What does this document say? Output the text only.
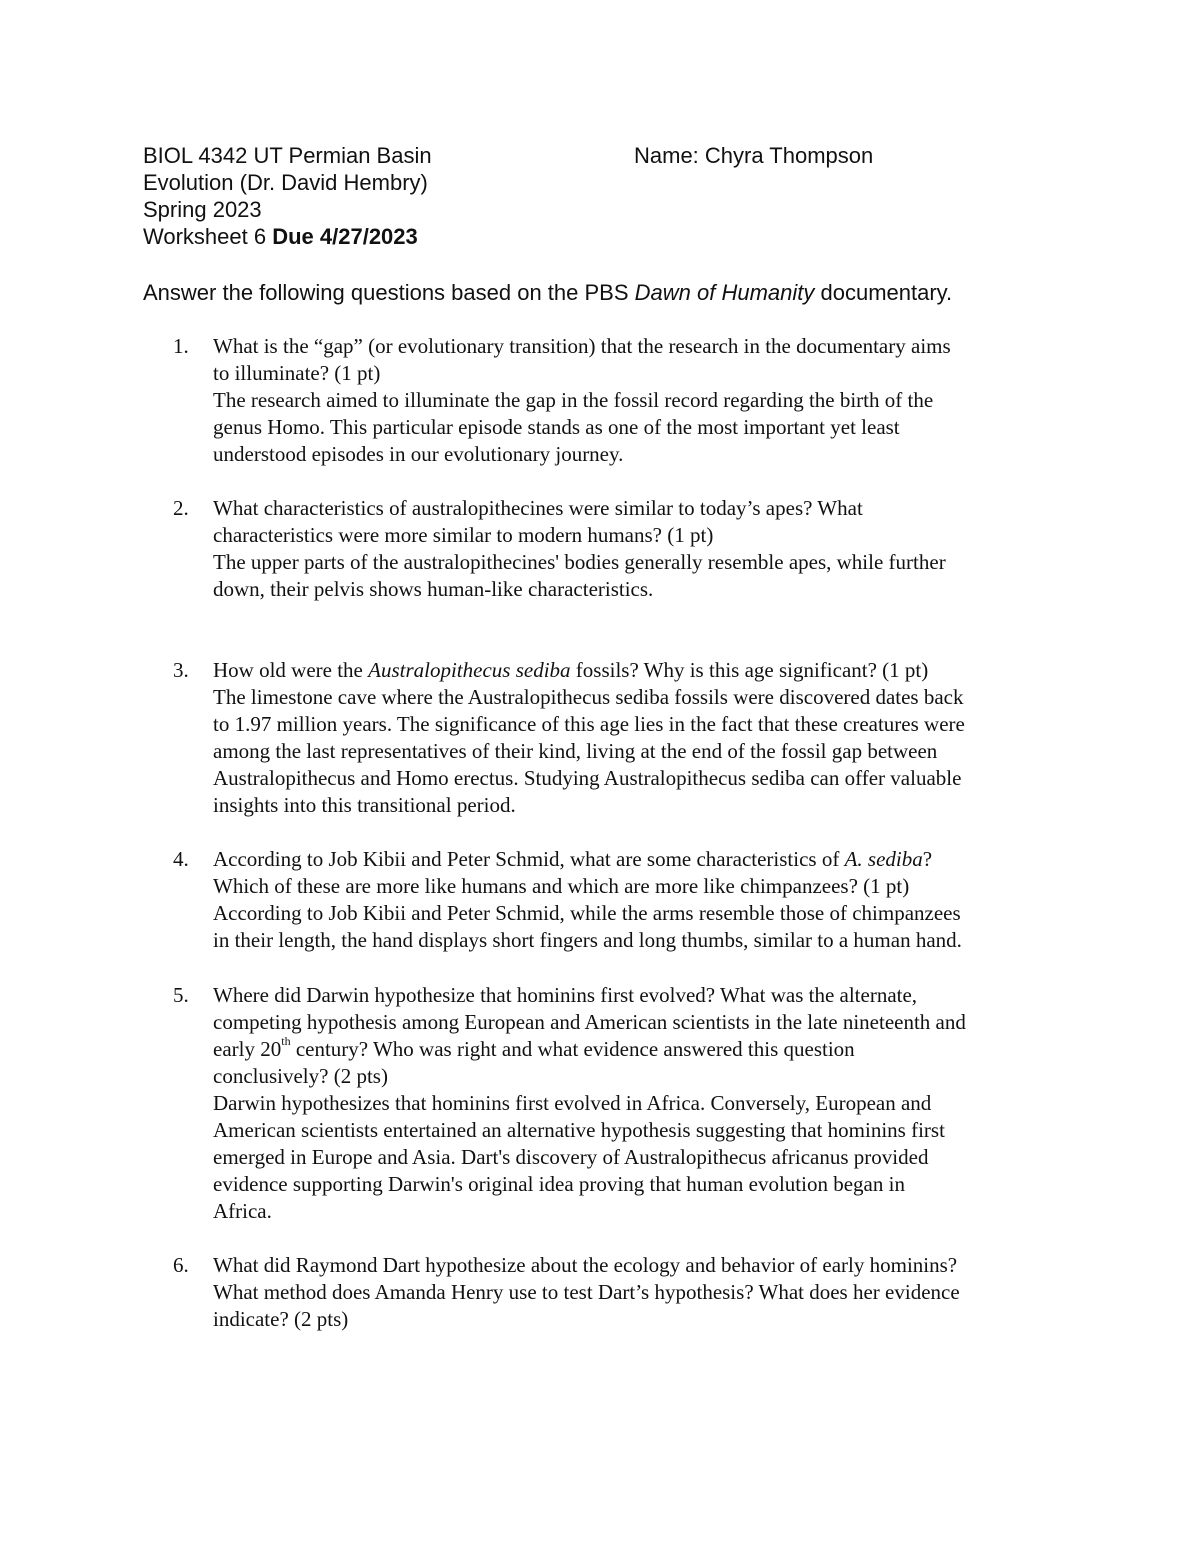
BIOL 4342 UT Permian Basin	Name: Chyra Thompson
Evolution (Dr. David Hembry)
Spring 2023
Worksheet 6 Due 4/27/2023
Answer the following questions based on the PBS Dawn of Humanity documentary.
1. What is the “gap” (or evolutionary transition) that the research in the documentary aims

to illuminate? (1 pt)

The research aimed to illuminate the gap in the fossil record regarding the birth of the

genus Homo. This particular episode stands as one of the most important yet least

understood episodes in our evolutionary journey.

2. What characteristics of australopithecines were similar to today’s apes? What

characteristics were more similar to modern humans? (1 pt)

The upper parts of the australopithecines' bodies generally resemble apes, while further

down, their pelvis shows human-like characteristics.

3. How old were the Australopithecus sediba fossils? Why is this age significant? (1 pt)

The limestone cave where the Australopithecus sediba fossils were discovered dates back

to 1.97 million years. The significance of this age lies in the fact that these creatures were

among the last representatives of their kind, living at the end of the fossil gap between

Australopithecus and Homo erectus. Studying Australopithecus sediba can offer valuable

insights into this transitional period.

4. According to Job Kibii and Peter Schmid, what are some characteristics of A. sediba?

Which of these are more like humans and which are more like chimpanzees? (1 pt)

According to Job Kibii and Peter Schmid, while the arms resemble those of chimpanzees

in their length, the hand displays short fingers and long thumbs, similar to a human hand.

5. Where did Darwin hypothesize that hominins first evolved? What was the alternate,

competing hypothesis among European and American scientists in the late nineteenth and

early 20th century? Who was right and what evidence answered this question

conclusively? (2 pts)

Darwin hypothesizes that hominins first evolved in Africa. Conversely, European and

American scientists entertained an alternative hypothesis suggesting that hominins first

emerged in Europe and Asia. Dart's discovery of Australopithecus africanus provided

evidence supporting Darwin's original idea proving that human evolution began in

Africa.

6. What did Raymond Dart hypothesize about the ecology and behavior of early hominins?

What method does Amanda Henry use to test Dart’s hypothesis? What does her evidence

indicate? (2 pts)
